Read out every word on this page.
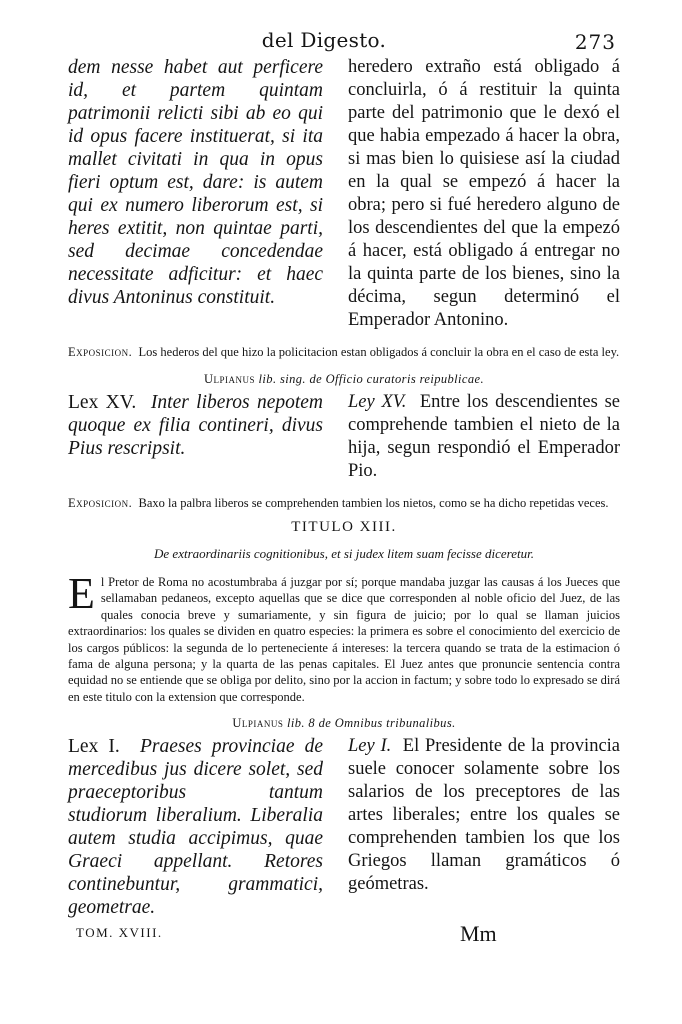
del Digesto.	273

dem nesse habet aut perficere id, et partem quintam patrimonii relicti sibi ab eo qui id opus facere instituerat, si ita mallet civitati in qua in opus fieri optum est, dare: is autem qui ex numero liberorum est, si heres extitit, non quintae parti, sed decimae concedendae necessitate adficitur: et haec divus Antoninus constituit.

heredero extraño está obligado á concluirla, ó á restituir la quinta parte del patrimonio que le dexó el que habia empezado á hacer la obra, si mas bien lo quisiese así la ciudad en la qual se empezó á hacer la obra; pero si fué heredero alguno de los descendientes del que la empezó á hacer, está obligado á entregar no la quinta parte de los bienes, sino la décima, segun determinó el Emperador Antonino.

Exposicion. Los hederos del que hizo la policitacion estan obligados á concluir la obra en el caso de esta ley.

Ulpianus lib. sing. de Officio curatoris reipublicae.

Lex XV. Inter liberos nepotem quoque ex filia contineri, divus Pius rescripsit.

Ley XV. Entre los descendientes se comprehende tambien el nieto de la hija, segun respondió el Emperador Pio.

Exposicion. Baxo la palbra liberos se comprehenden tambien los nietos, como se ha dicho repetidas veces.

TITULO XIII.

De extraordinariis cognitionibus, et si judex litem suam fecisse diceretur.

El Pretor de Roma no acostumbraba á juzgar por sí; porque mandaba juzgar las causas á los Jueces que sellamaban pedaneos, excepto aquellas que se dice que corresponden al noble oficio del Juez, de las quales conocia breve y sumariamente, y sin figura de juicio; por lo qual se llaman juicios extraordinarios: los quales se dividen en quatro especies: la primera es sobre el conocimiento del exercicio de los cargos públicos: la segunda de lo perteneciente á intereses: la tercera quando se trata de la estimacion ó fama de alguna persona; y la quarta de las penas capitales. El Juez antes que pronuncie sentencia contra equidad no se entiende que se obliga por delito, sino por la accion in factum; y sobre todo lo expresado se dirá en este titulo con la extension que corresponde.

Ulpianus lib. 8 de Omnibus tribunalibus.

Lex I. Praeses provinciae de mercedibus jus dicere solet, sed praeceptoribus tantum studiorum liberalium. Liberalia autem studia accipimus, quae Graeci appellant. Retores continebuntur, grammatici, geometrae.

Ley I. El Presidente de la provincia suele conocer solamente sobre los salarios de los preceptores de las artes liberales; entre los quales se comprehenden tambien los que los Griegos llaman gramáticos ó geómetras.

TOM. XVIII.	Mm
